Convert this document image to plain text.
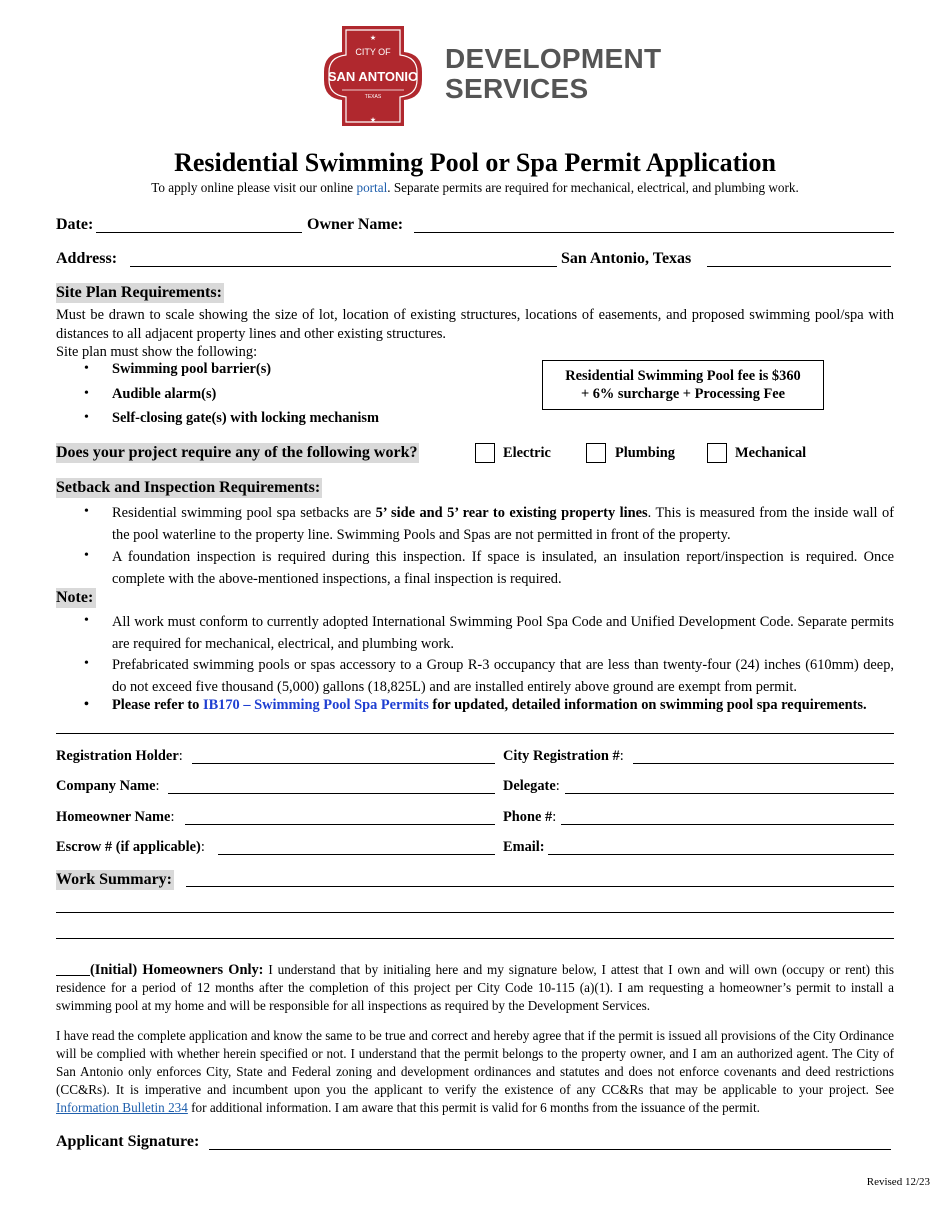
★
★
CITY OF
SAN ANTONIO
TEXAS
DEVELOPMENT
SERVICES
Residential Swimming Pool or Spa Permit Application
To apply online please visit our online portal. Separate permits are required for mechanical, electrical, and plumbing work.
Date:	Owner Name:
Address:	San Antonio, Texas
Site Plan Requirements:
Must be drawn to scale showing the size of lot, location of existing structures, locations of easements, and proposed swimming pool/spa with distances to all adjacent property lines and other existing structures.
Site plan must show the following:
• Swimming pool barrier(s)
• Audible alarm(s)
• Self-closing gate(s) with locking mechanism
Residential Swimming Pool fee is $360
+ 6% surcharge + Processing Fee
Does your project require any of the following work?	Electric	Plumbing	Mechanical
Setback and Inspection Requirements:
• Residential swimming pool spa setbacks are 5’ side and 5’ rear to existing property lines. This is measured from the inside wall of the pool waterline to the property line. Swimming Pools and Spas are not permitted in front of the property.
• A foundation inspection is required during this inspection. If space is insulated, an insulation report/inspection is required. Once complete with the above-mentioned inspections, a final inspection is required.
Note:
• All work must conform to currently adopted International Swimming Pool Spa Code and Unified Development Code. Separate permits are required for mechanical, electrical, and plumbing work.
• Prefabricated swimming pools or spas accessory to a Group R-3 occupancy that are less than twenty-four (24) inches (610mm) deep, do not exceed five thousand (5,000) gallons (18,825L) and are installed entirely above ground are exempt from permit.
• Please refer to IB170 – Swimming Pool Spa Permits for updated, detailed information on swimming pool spa requirements.
Registration Holder:	City Registration #:
Company Name:	Delegate:
Homeowner Name:	Phone #:
Escrow # (if applicable):	Email:
Work Summary:
(Initial) Homeowners Only: I understand that by initialing here and my signature below, I attest that I own and will own (occupy or rent) this residence for a period of 12 months after the completion of this project per City Code 10-115 (a)(1). I am requesting a homeowner’s permit to install a swimming pool at my home and will be responsible for all inspections as required by the Development Services.
I have read the complete application and know the same to be true and correct and hereby agree that if the permit is issued all provisions of the City Ordinance will be complied with whether herein specified or not. I understand that the permit belongs to the property owner, and I am an authorized agent. The City of San Antonio only enforces City, State and Federal zoning and development ordinances and statutes and does not enforce covenants and deed restrictions (CC&Rs). It is imperative and incumbent upon you the applicant to verify the existence of any CC&Rs that may be applicable to your project. See Information Bulletin 234 for additional information. I am aware that this permit is valid for 6 months from the issuance of the permit.
Applicant Signature:
Revised 12/23
